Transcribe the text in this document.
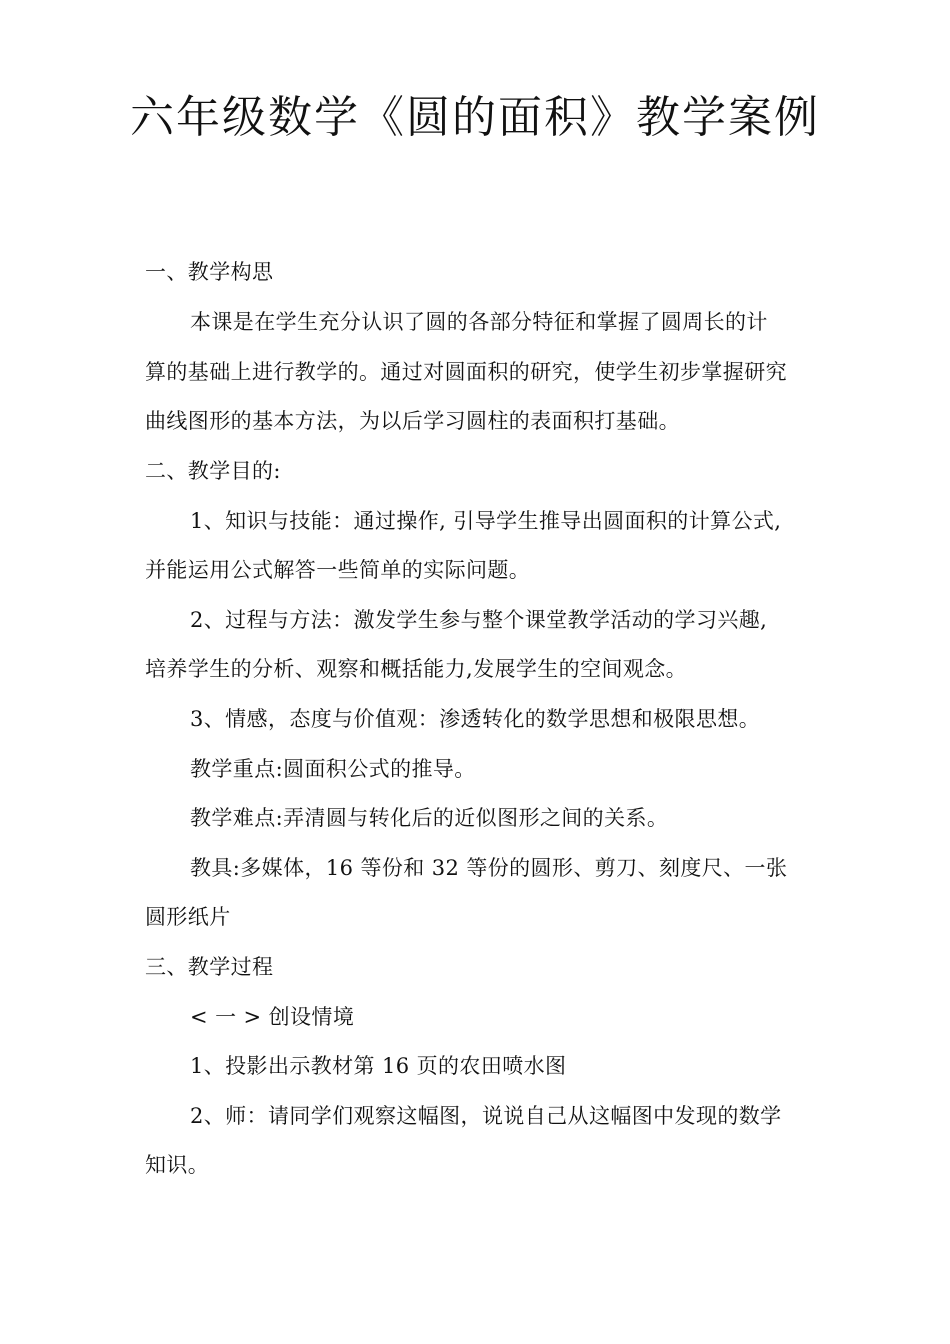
六年级数学《圆的面积》教学案例
一、教学构思
本课是在学生充分认识了圆的各部分特征和掌握了圆周长的计
算的基础上进行教学的。通过对圆面积的研究，使学生初步掌握研究
曲线图形的基本方法，为以后学习圆柱的表面积打基础。
二、教学目的:
1、知识与技能：通过操作, 引导学生推导出圆面积的计算公式,
并能运用公式解答一些简单的实际问题。
2、过程与方法：激发学生参与整个课堂教学活动的学习兴趣,
培养学生的分析、观察和概括能力,发展学生的空间观念。
3、情感，态度与价值观：渗透转化的数学思想和极限思想。
教学重点:圆面积公式的推导。
教学难点:弄清圆与转化后的近似图形之间的关系。
教具:多媒体，16 等份和 32 等份的圆形、剪刀、刻度尺、一张
圆形纸片
三、教学过程
< 一 > 创设情境
1、投影出示教材第 16 页的农田喷水图
2、师：请同学们观察这幅图，说说自己从这幅图中发现的数学
知识。
